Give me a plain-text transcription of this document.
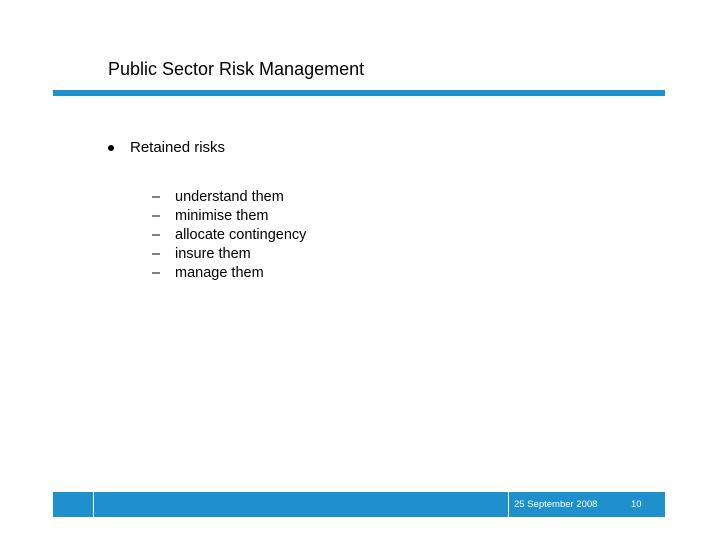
Public Sector Risk Management
Retained risks
–	understand them
–	minimise them
–	allocate contingency
–	insure them
–	manage them
25 September 2008	10
